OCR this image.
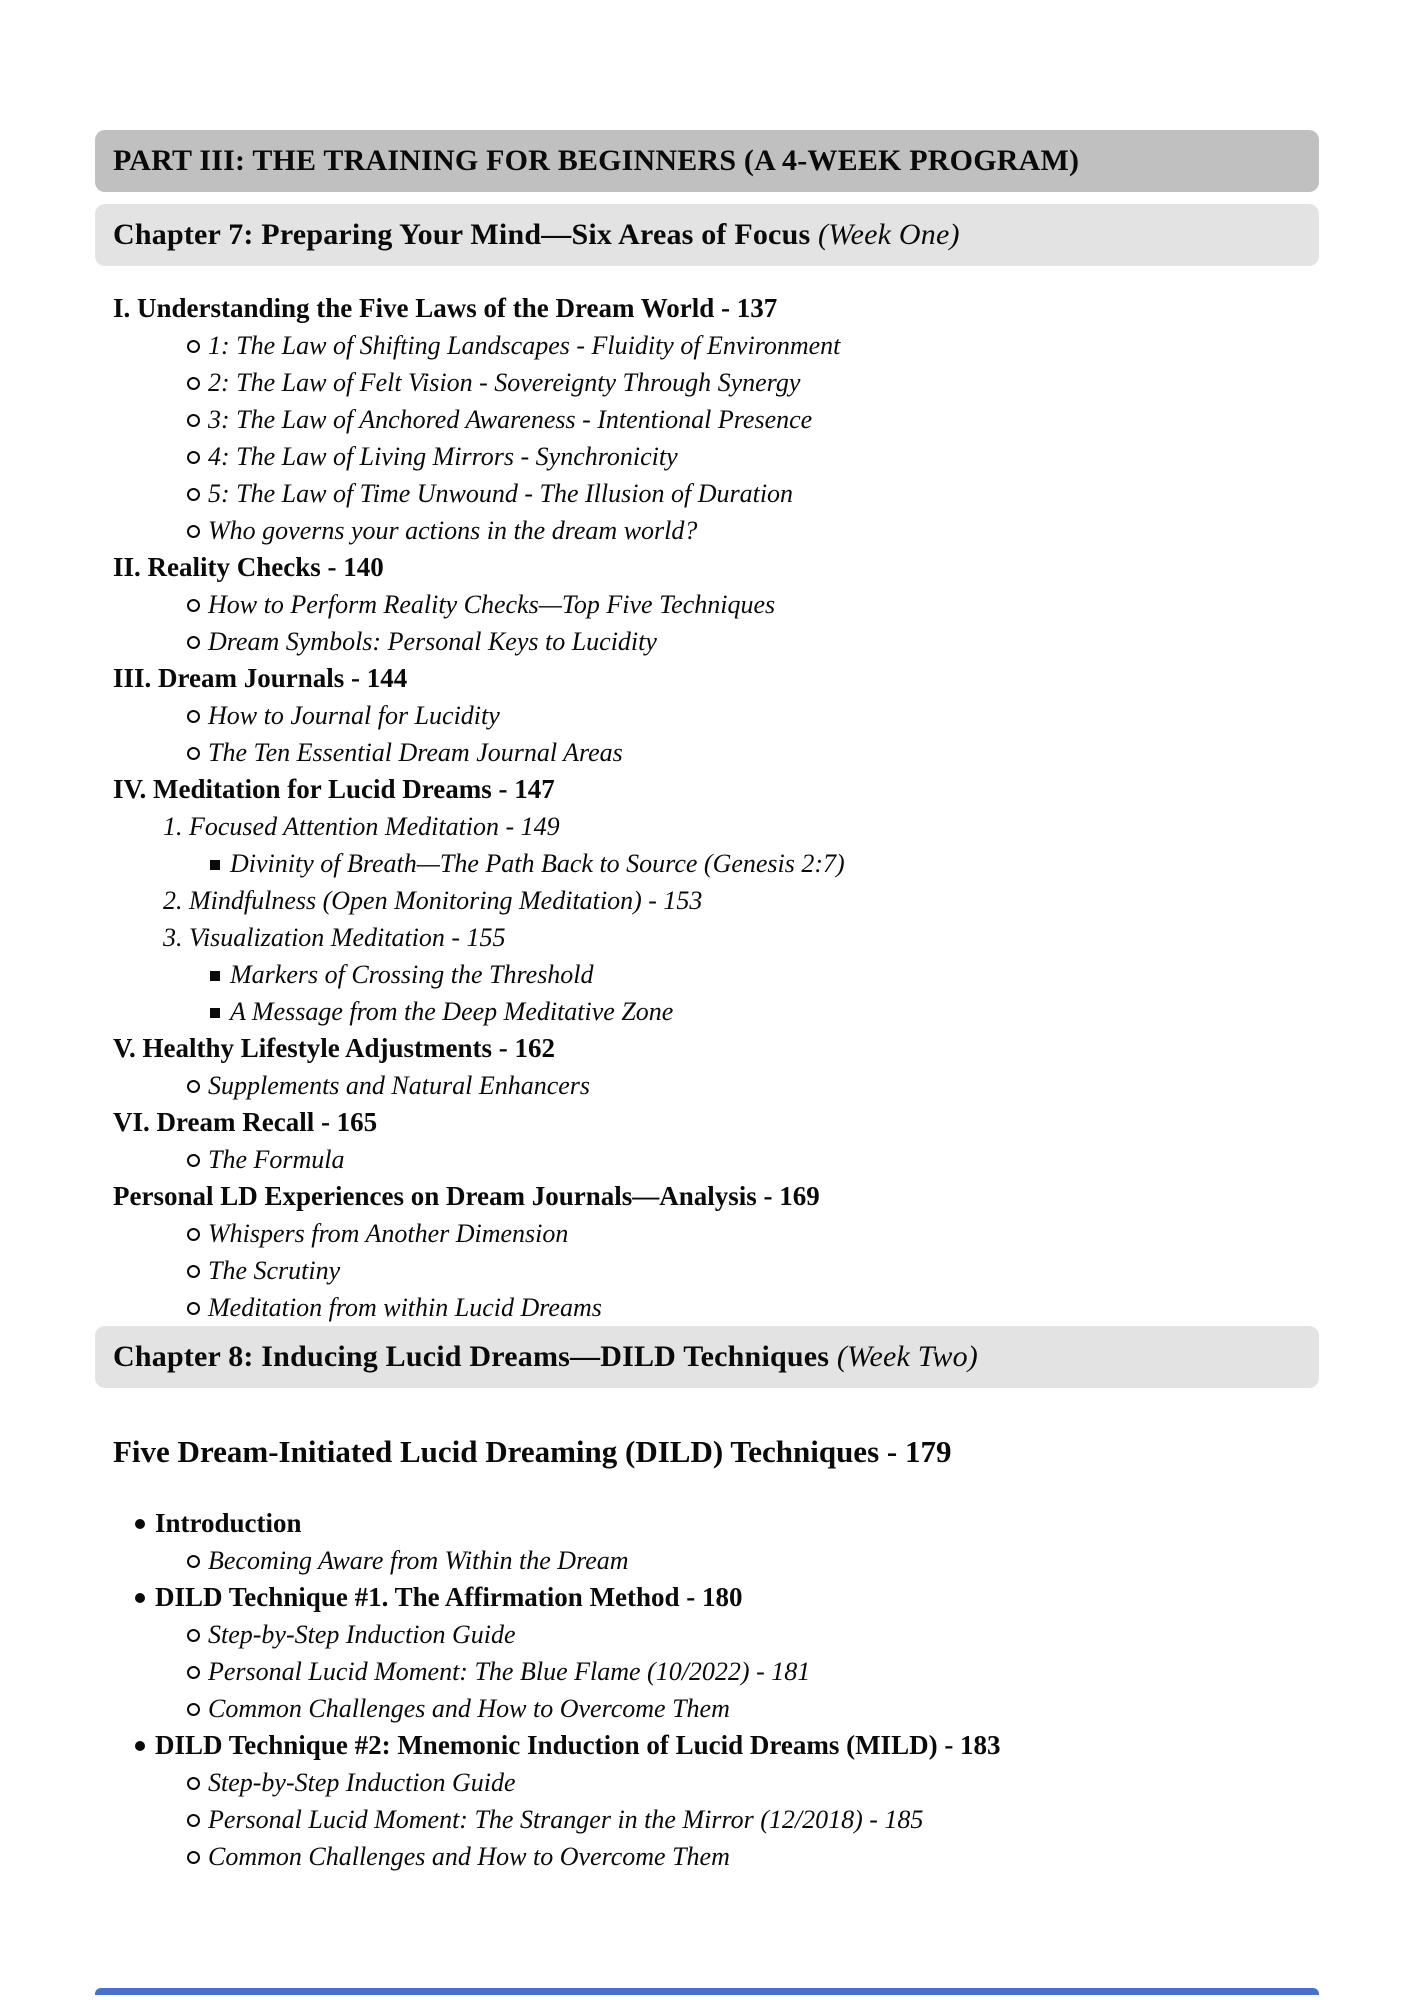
PART III: THE TRAINING FOR BEGINNERS (A 4-WEEK PROGRAM)
Chapter 7: Preparing Your Mind—Six Areas of Focus (Week One)
I. Understanding the Five Laws of the Dream World - 137
1: The Law of Shifting Landscapes - Fluidity of Environment
2: The Law of Felt Vision - Sovereignty Through Synergy
3: The Law of Anchored Awareness - Intentional Presence
4: The Law of Living Mirrors - Synchronicity
5: The Law of Time Unwound - The Illusion of Duration
Who governs your actions in the dream world?
II. Reality Checks - 140
How to Perform Reality Checks—Top Five Techniques
Dream Symbols: Personal Keys to Lucidity
III. Dream Journals - 144
How to Journal for Lucidity
The Ten Essential Dream Journal Areas
IV. Meditation for Lucid Dreams - 147
1. Focused Attention Meditation - 149
Divinity of Breath—The Path Back to Source (Genesis 2:7)
2. Mindfulness (Open Monitoring Meditation) - 153
3. Visualization Meditation - 155
Markers of Crossing the Threshold
A Message from the Deep Meditative Zone
V. Healthy Lifestyle Adjustments - 162
Supplements and Natural Enhancers
VI. Dream Recall - 165
The Formula
Personal LD Experiences on Dream Journals—Analysis - 169
Whispers from Another Dimension
The Scrutiny
Meditation from within Lucid Dreams
Chapter 8: Inducing Lucid Dreams—DILD Techniques (Week Two)
Five Dream-Initiated Lucid Dreaming (DILD) Techniques - 179
Introduction
Becoming Aware from Within the Dream
DILD Technique #1. The Affirmation Method - 180
Step-by-Step Induction Guide
Personal Lucid Moment: The Blue Flame (10/2022) - 181
Common Challenges and How to Overcome Them
DILD Technique #2: Mnemonic Induction of Lucid Dreams (MILD) - 183
Step-by-Step Induction Guide
Personal Lucid Moment: The Stranger in the Mirror (12/2018) - 185
Common Challenges and How to Overcome Them
